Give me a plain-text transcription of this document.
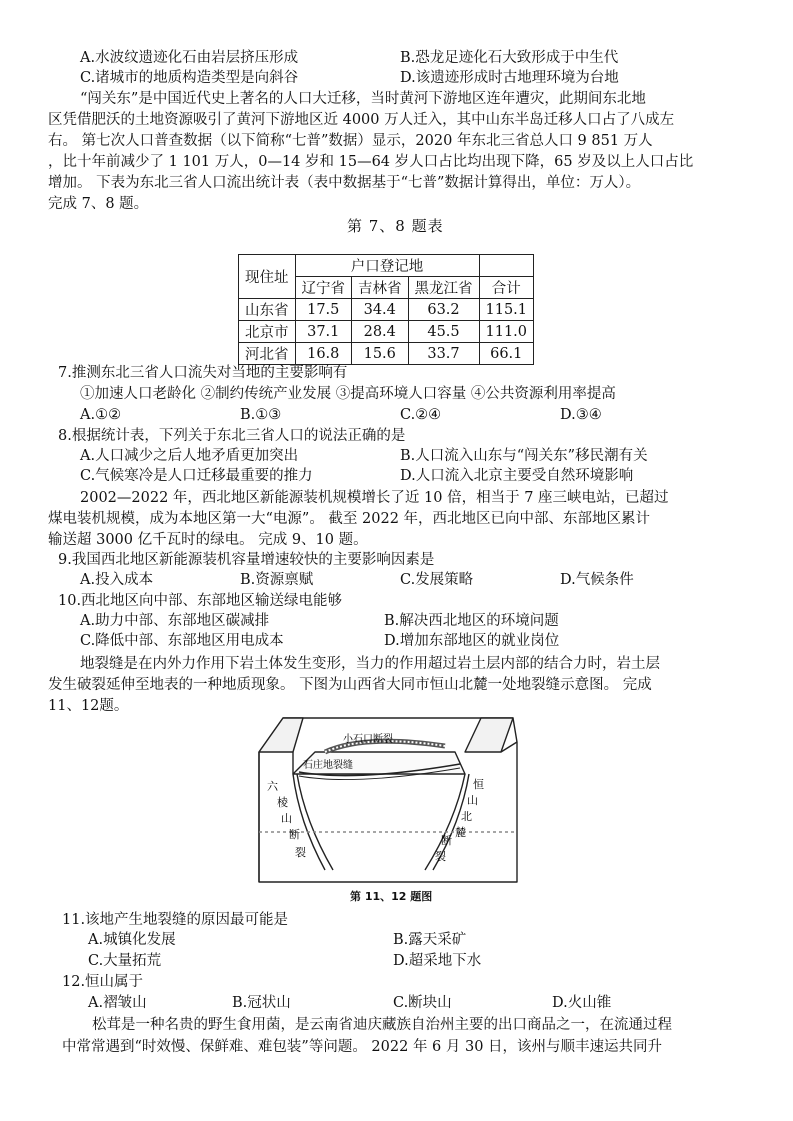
A.水波纹遗迹化石由岩层挤压形成	B.恐龙足迹化石大致形成于中生代
C.诸城市的地质构造类型是向斜谷	D.该遗迹形成时古地理环境为台地
“闯关东”是中国近代史上著名的人口大迁移，当时黄河下游地区连年遭灾，此期间东北地
区凭借肥沃的土地资源吸引了黄河下游地区近 4000 万人迁入，其中山东半岛迁移人口占了八成左
右。 第七次人口普查数据（以下简称“七普”数据）显示，2020 年东北三省总人口 9 851 万人
，比十年前减少了 1 101 万人，0—14 岁和 15—64 岁人口占比均出现下降，65 岁及以上人口占比
增加。 下表为东北三省人口流出统计表（表中数据基于“七普”数据计算得出，单位：万人）。
完成 7、8 题。
第 7、8 题表
现住址	户口登记地			
	辽宁省	吉林省	黑龙江省	合计
山东省	17.5	34.4	63.2	115.1
北京市	37.1	28.4	45.5	111.0
河北省	16.8	15.6	33.7	66.1
7.推测东北三省人口流失对当地的主要影响有
①加速人口老龄化 ②制约传统产业发展 ③提高环境人口容量 ④公共资源利用率提高
A.①②	B.①③	C.②④	D.③④
8.根据统计表，下列关于东北三省人口的说法正确的是
A.人口减少之后人地矛盾更加突出	B.人口流入山东与“闯关东”移民潮有关
C.气候寒冷是人口迁移最重要的推力	D.人口流入北京主要受自然环境影响
2002—2022 年，西北地区新能源装机规模增长了近 10 倍，相当于 7 座三峡电站，已超过
煤电装机规模，成为本地区第一大“电源”。 截至 2022 年，西北地区已向中部、东部地区累计
输送超 3000 亿千瓦时的绿电。 完成 9、10 题。
9.我国西北地区新能源装机容量增速较快的主要影响因素是
A.投入成本	B.资源禀赋	C.发展策略	D.气候条件
10.西北地区向中部、东部地区输送绿电能够
A.助力中部、东部地区碳减排	B.解决西北地区的环境问题
C.降低中部、东部地区用电成本	D.增加东部地区的就业岗位
地裂缝是在内外力作用下岩土体发生变形，当力的作用超过岩土层内部的结合力时，岩土层
发生破裂延伸至地表的一种地质现象。 下图为山西省大同市恒山北麓一处地裂缝示意图。 完成
11、12题。
小石口断裂
石庄地裂缝
六
棱
山
断
裂
恒
山
北
麓
断
裂
第 11、12 题图
11.该地产生地裂缝的原因最可能是
A.城镇化发展	B.露天采矿
C.大量拓荒	D.超采地下水
12.恒山属于
A.褶皱山	B.冠状山	C.断块山	D.火山锥
松茸是一种名贵的野生食用菌，是云南省迪庆藏族自治州主要的出口商品之一，在流通过程
中常常遇到“时效慢、保鲜难、难包装”等问题。 2022 年 6 月 30 日，该州与顺丰速运共同升
